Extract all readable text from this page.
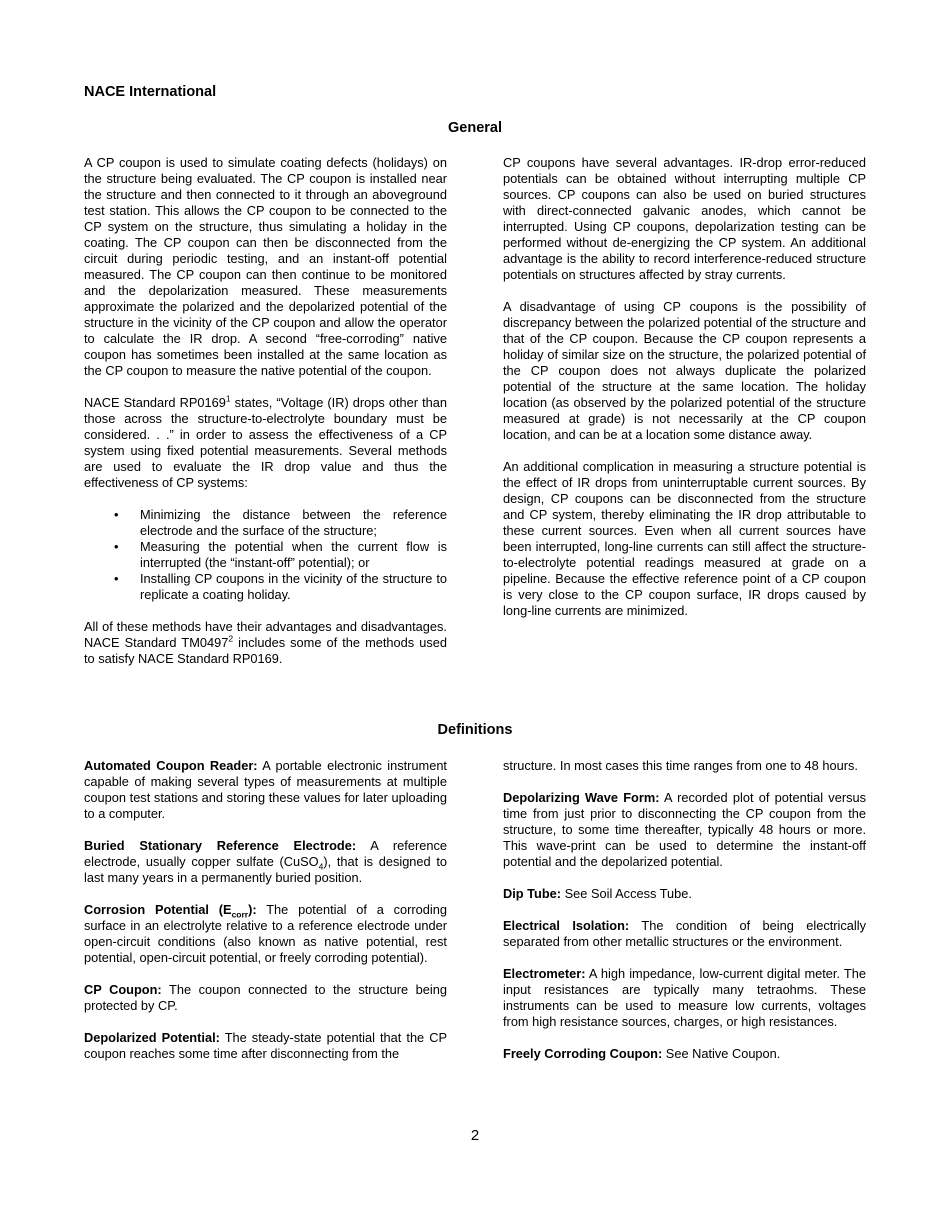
NACE International
General

A CP coupon is used to simulate coating defects (holidays) on the structure being evaluated. The CP coupon is installed near the structure and then connected to it through an aboveground test station. This allows the CP coupon to be connected to the CP system on the structure, thus simulating a holiday in the coating. The CP coupon can then be disconnected from the circuit during periodic testing, and an instant-off potential measured. The CP coupon can then continue to be monitored and the depolarization measured. These measurements approximate the polarized and the depolarized potential of the structure in the vicinity of the CP coupon and allow the operator to calculate the IR drop. A second “free-corroding” native coupon has sometimes been installed at the same location as the CP coupon to measure the native potential of the coupon.

NACE Standard RP0169$^1$ states, “Voltage (IR) drops other than those across the structure-to-electrolyte boundary must be considered. . .” in order to assess the effectiveness of a CP system using fixed potential measurements. Several methods are used to evaluate the IR drop value and thus the effectiveness of CP systems:

• Minimizing the distance between the reference electrode and the surface of the structure;
• Measuring the potential when the current flow is interrupted (the “instant-off” potential); or
• Installing CP coupons in the vicinity of the structure to replicate a coating holiday.

All of these methods have their advantages and disadvantages. NACE Standard TM0497$^2$ includes some of the methods used to satisfy NACE Standard RP0169.

CP coupons have several advantages. IR-drop error-reduced potentials can be obtained without interrupting multiple CP sources. CP coupons can also be used on buried structures with direct-connected galvanic anodes, which cannot be interrupted. Using CP coupons, depolarization testing can be performed without de-energizing the CP system. An additional advantage is the ability to record interference-reduced structure potentials on structures affected by stray currents.

A disadvantage of using CP coupons is the possibility of discrepancy between the polarized potential of the structure and that of the CP coupon. Because the CP coupon represents a holiday of similar size on the structure, the polarized potential of the CP coupon does not always duplicate the polarized potential of the structure at the same location. The holiday location (as observed by the polarized potential of the structure measured at grade) is not necessarily at the CP coupon location, and can be at a location some distance away.

An additional complication in measuring a structure potential is the effect of IR drops from uninterruptable current sources. By design, CP coupons can be disconnected from the structure and CP system, thereby eliminating the IR drop attributable to these current sources. Even when all current sources have been interrupted, long-line currents can still affect the structure-to-electrolyte potential readings measured at grade on a pipeline. Because the effective reference point of a CP coupon is very close to the CP coupon surface, IR drops caused by long-line currents are minimized.

Definitions

Automated Coupon Reader: A portable electronic instrument capable of making several types of measurements at multiple coupon test stations and storing these values for later uploading to a computer.

Buried Stationary Reference Electrode: A reference electrode, usually copper sulfate (CuSO$_4$), that is designed to last many years in a permanently buried position.

Corrosion Potential $(E_{corr})$: The potential of a corroding surface in an electrolyte relative to a reference electrode under open-circuit conditions (also known as native potential, rest potential, open-circuit potential, or freely corroding potential).

CP Coupon: The coupon connected to the structure being protected by CP.

Depolarized Potential: The steady-state potential that the CP coupon reaches some time after disconnecting from the

structure. In most cases this time ranges from one to 48 hours.

Depolarizing Wave Form: A recorded plot of potential versus time from just prior to disconnecting the CP coupon from the structure, to some time thereafter, typically 48 hours or more. This wave-print can be used to determine the instant-off potential and the depolarized potential.

Dip Tube: See Soil Access Tube.

Electrical Isolation: The condition of being electrically separated from other metallic structures or the environment.

Electrometer: A high impedance, low-current digital meter. The input resistances are typically many tetraohms. These instruments can be used to measure low currents, voltages from high resistance sources, charges, or high resistances.

Freely Corroding Coupon: See Native Coupon.

2
